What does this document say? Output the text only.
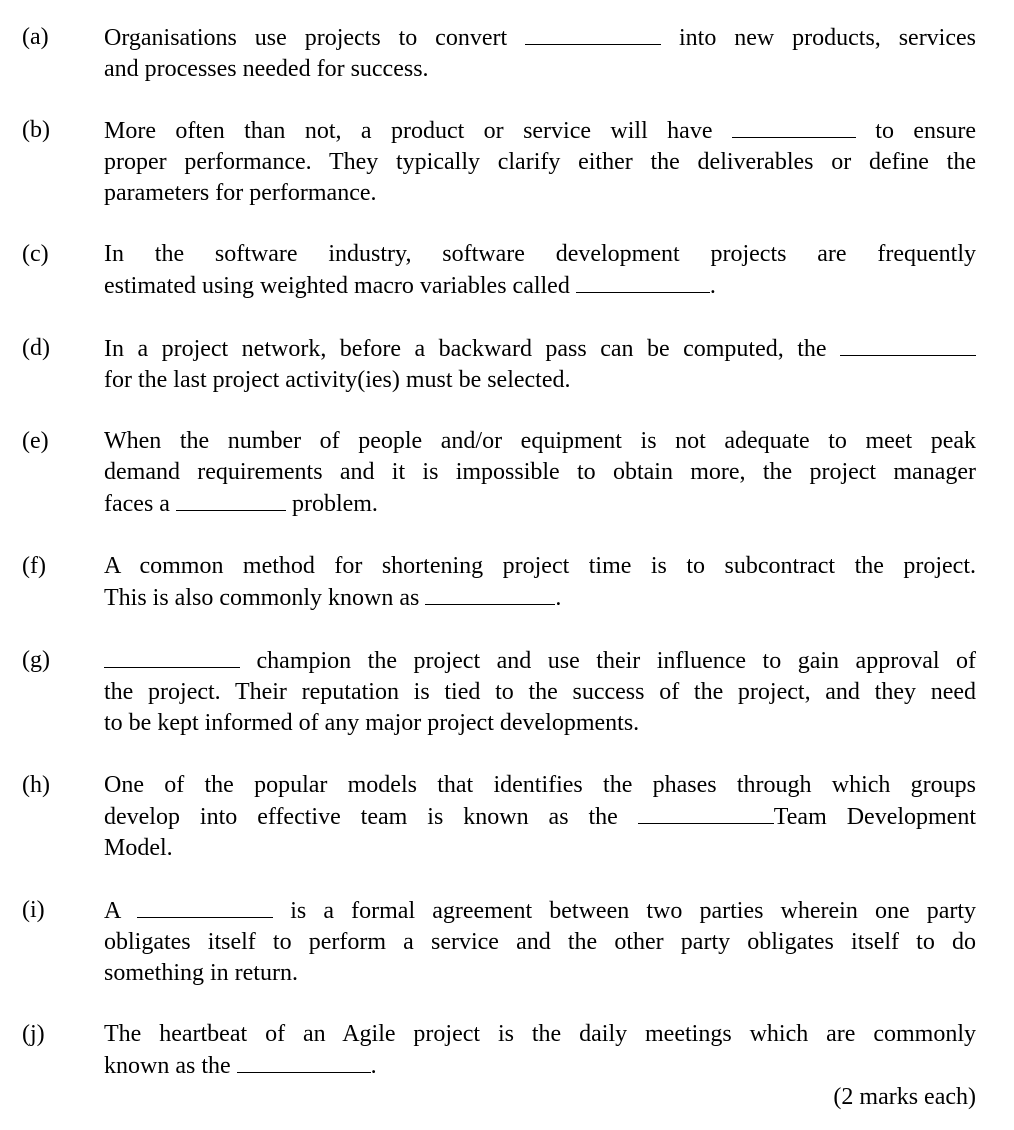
(a) Organisations use projects to convert	into new products, services
and processes needed for success.
(b) More often than not, a product or service will have	to ensure
proper performance. They typically clarify either the deliverables or define the
parameters for performance.
(c) In the software industry, software development projects are frequently
estimated using weighted macro variables called	.
(d) In a project network, before a backward pass can be computed, the
for the last project activity(ies) must be selected.
(e) When the number of people and/or equipment is not adequate to meet peak
demand requirements and it is impossible to obtain more, the project manager
faces a	problem.
(f) A common method for shortening project time is to subcontract the project.
This is also commonly known as	.
(g)	champion the project and use their influence to gain approval of
the project. Their reputation is tied to the success of the project, and they need
to be kept informed of any major project developments.
(h) One of the popular models that identifies the phases through which groups
develop into effective team is known as the	Team Development
Model.
(i) A	is a formal agreement between two parties wherein one party
obligates itself to perform a service and the other party obligates itself to do
something in return.
(j) The heartbeat of an Agile project is the daily meetings which are commonly
known as the	.
(2 marks each)
